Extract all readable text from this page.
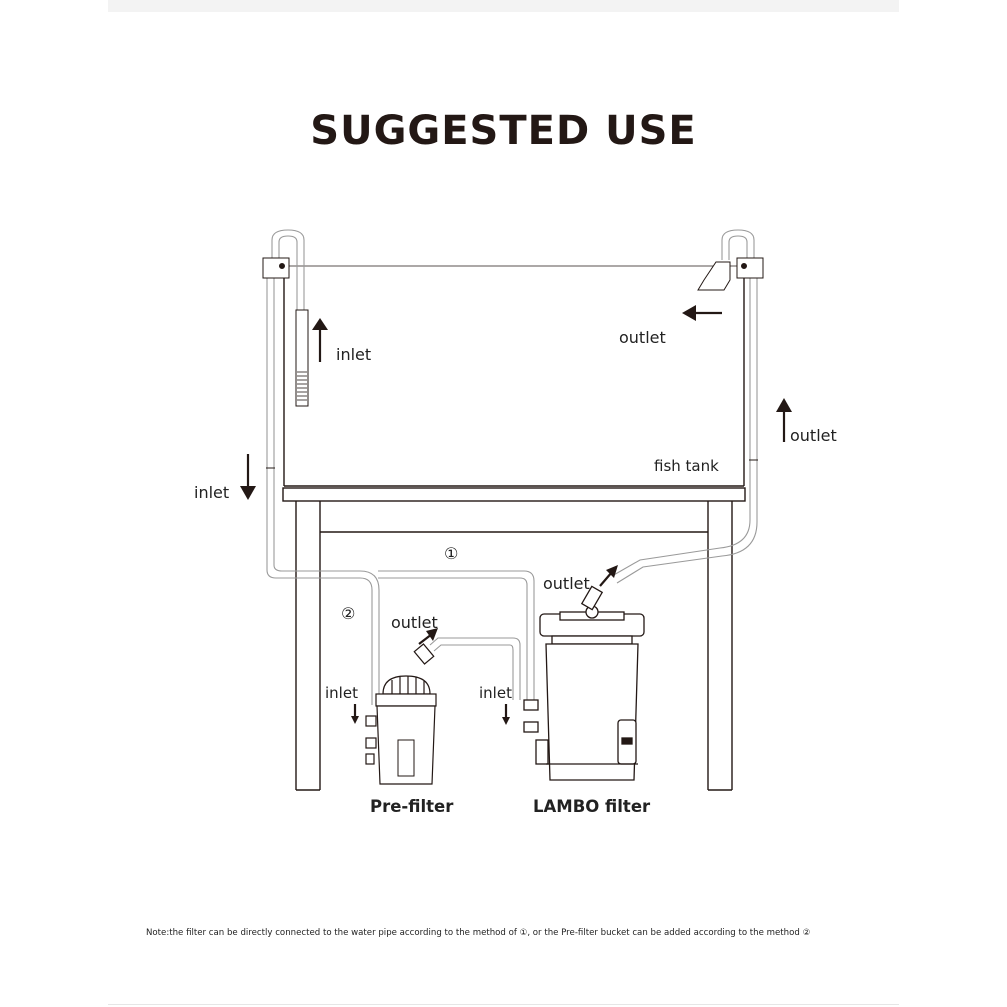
SUGGESTED USE
inlet
outlet
outlet
inlet
fish tank
①
②
outlet
outlet
inlet	inlet
Pre-filter	LAMBO filter
Note:the filter can be directly connected to the water pipe according to the method of ①, or the Pre-filter bucket can be added according to the method ②
